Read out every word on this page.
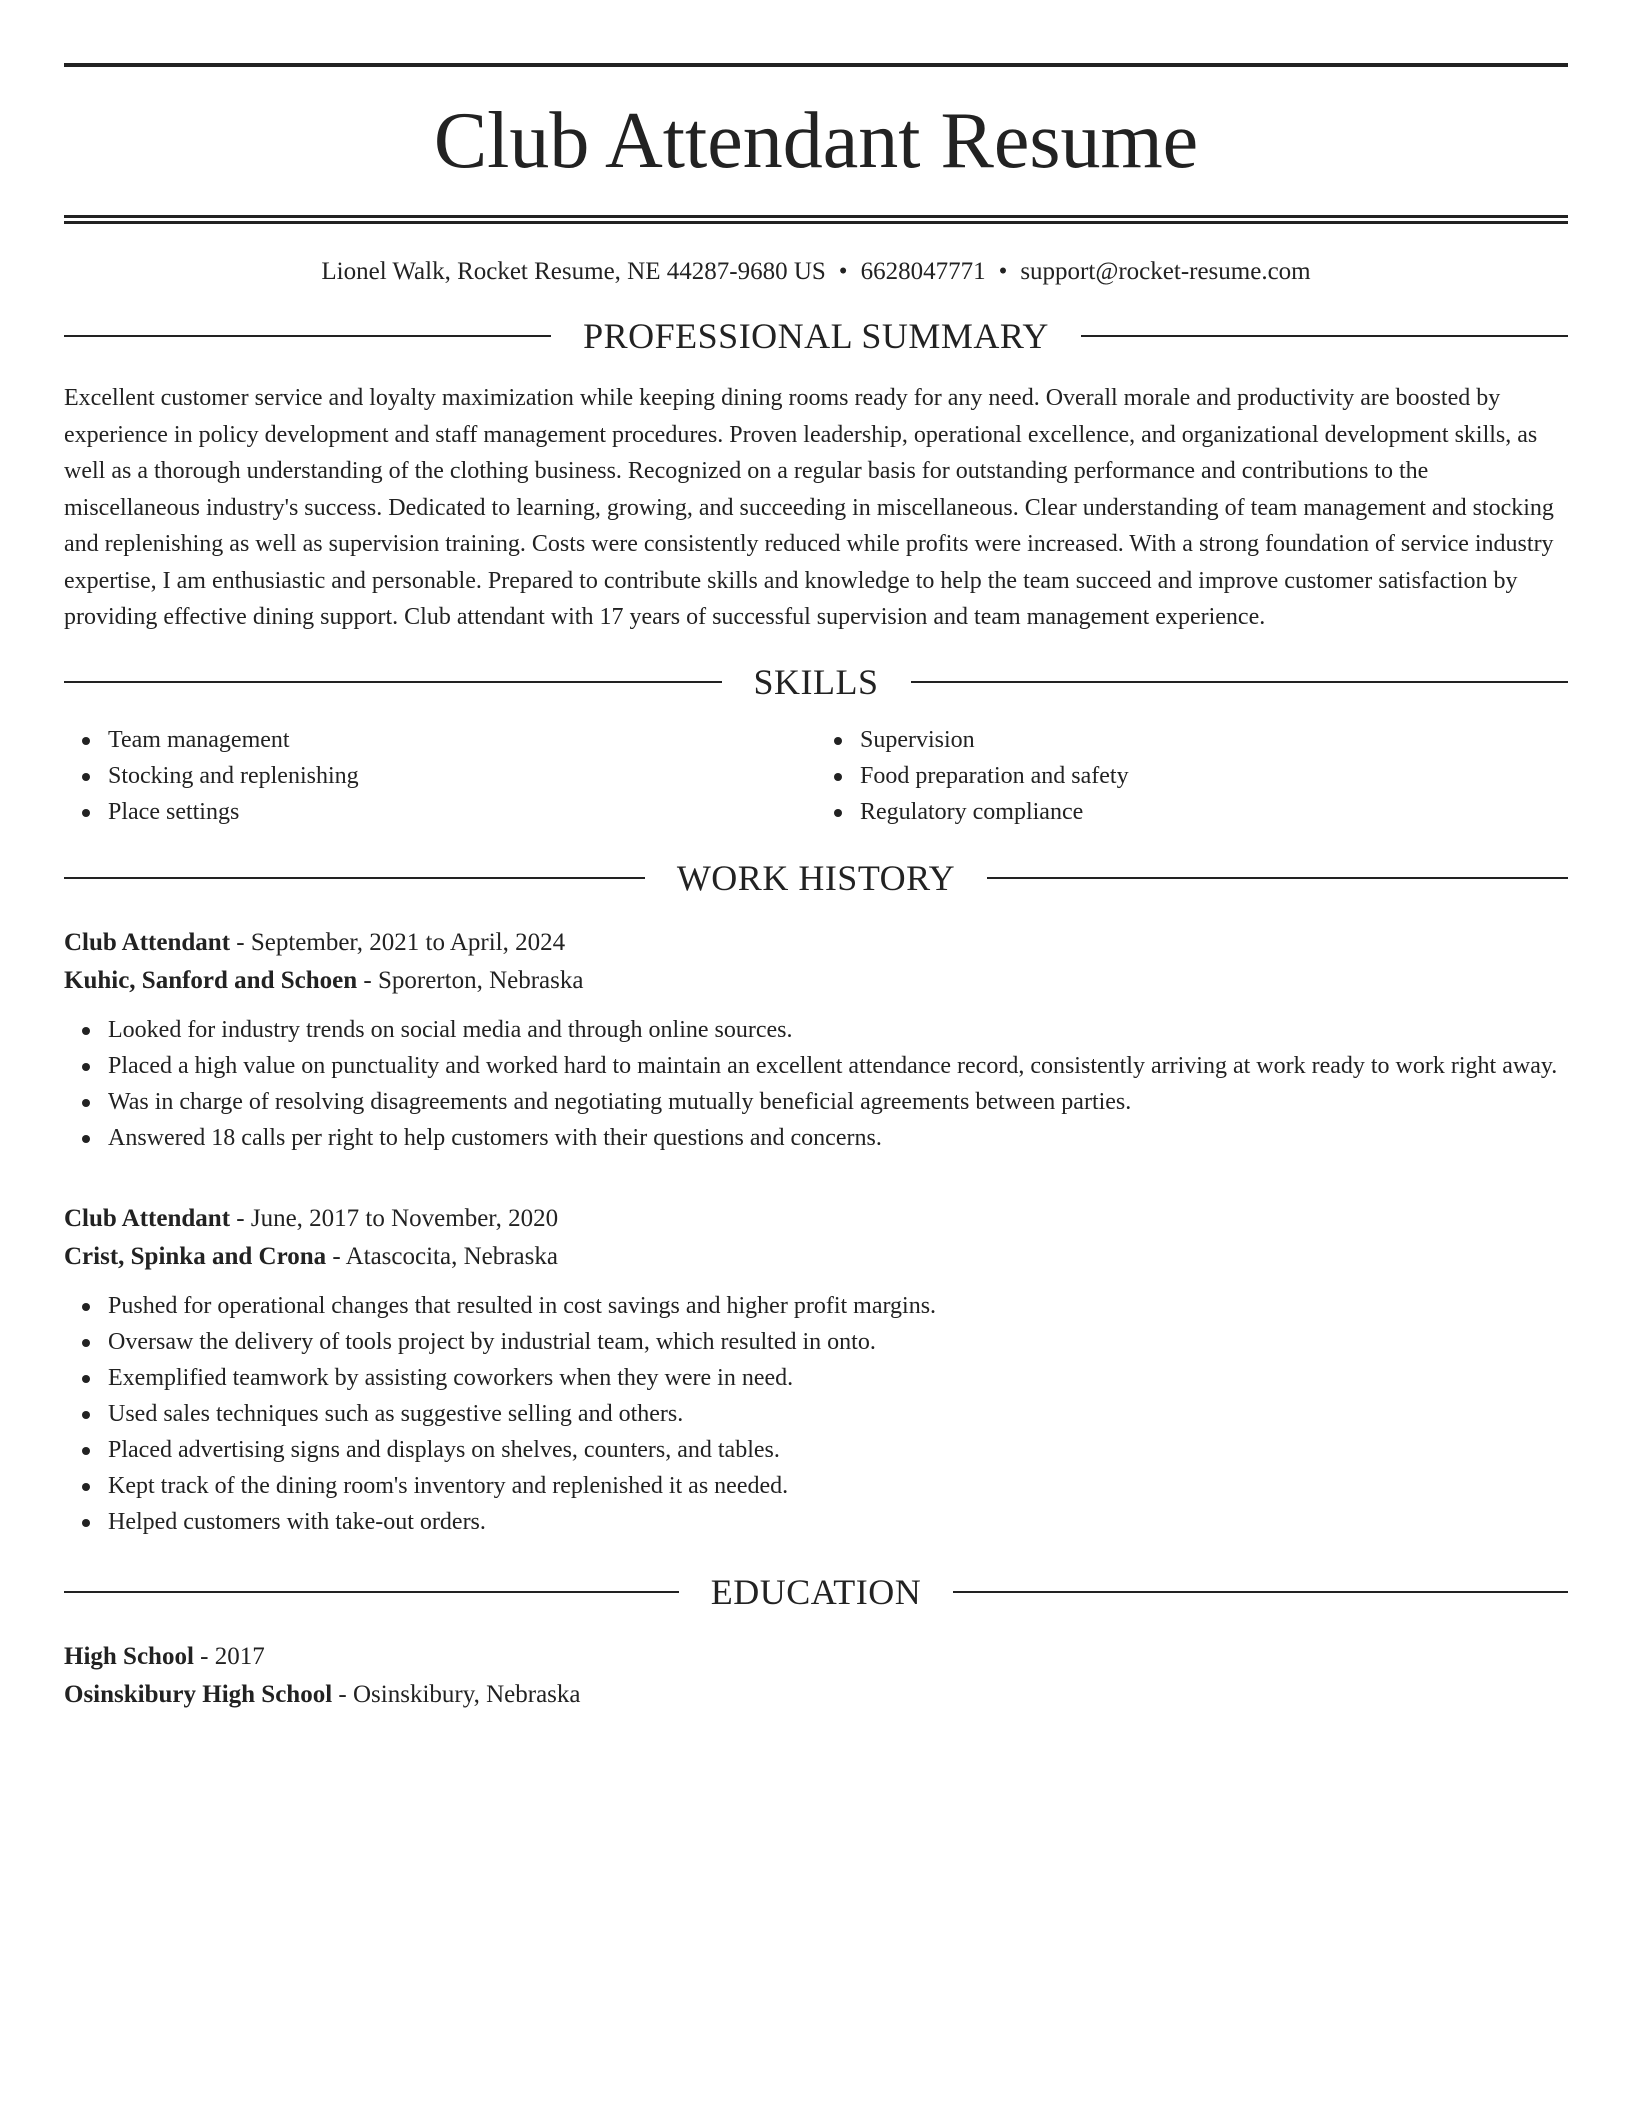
Club Attendant Resume
Lionel Walk, Rocket Resume, NE 44287-9680 US • 6628047771 • support@rocket-resume.com
PROFESSIONAL SUMMARY

Excellent customer service and loyalty maximization while keeping dining rooms ready for any need. Overall morale and productivity are boosted by experience in policy development and staff management procedures. Proven leadership, operational excellence, and organizational development skills, as well as a thorough understanding of the clothing business. Recognized on a regular basis for outstanding performance and contributions to the miscellaneous industry's success. Dedicated to learning, growing, and succeeding in miscellaneous. Clear understanding of team management and stocking and replenishing as well as supervision training. Costs were consistently reduced while profits were increased. With a strong foundation of service industry expertise, I am enthusiastic and personable. Prepared to contribute skills and knowledge to help the team succeed and improve customer satisfaction by providing effective dining support. Club attendant with 17 years of successful supervision and team management experience.

SKILLS
Team management
Stocking and replenishing
Place settings
Supervision
Food preparation and safety
Regulatory compliance
WORK HISTORY
Club Attendant - September, 2021 to April, 2024
Kuhic, Sanford and Schoen - Sporerton, Nebraska
Looked for industry trends on social media and through online sources.
Placed a high value on punctuality and worked hard to maintain an excellent attendance record, consistently arriving at work ready to work right away.
Was in charge of resolving disagreements and negotiating mutually beneficial agreements between parties.
Answered 18 calls per right to help customers with their questions and concerns.
Club Attendant - June, 2017 to November, 2020
Crist, Spinka and Crona - Atascocita, Nebraska
Pushed for operational changes that resulted in cost savings and higher profit margins.
Oversaw the delivery of tools project by industrial team, which resulted in onto.
Exemplified teamwork by assisting coworkers when they were in need.
Used sales techniques such as suggestive selling and others.
Placed advertising signs and displays on shelves, counters, and tables.
Kept track of the dining room's inventory and replenished it as needed.
Helped customers with take-out orders.
EDUCATION
High School - 2017
Osinskibury High School - Osinskibury, Nebraska
